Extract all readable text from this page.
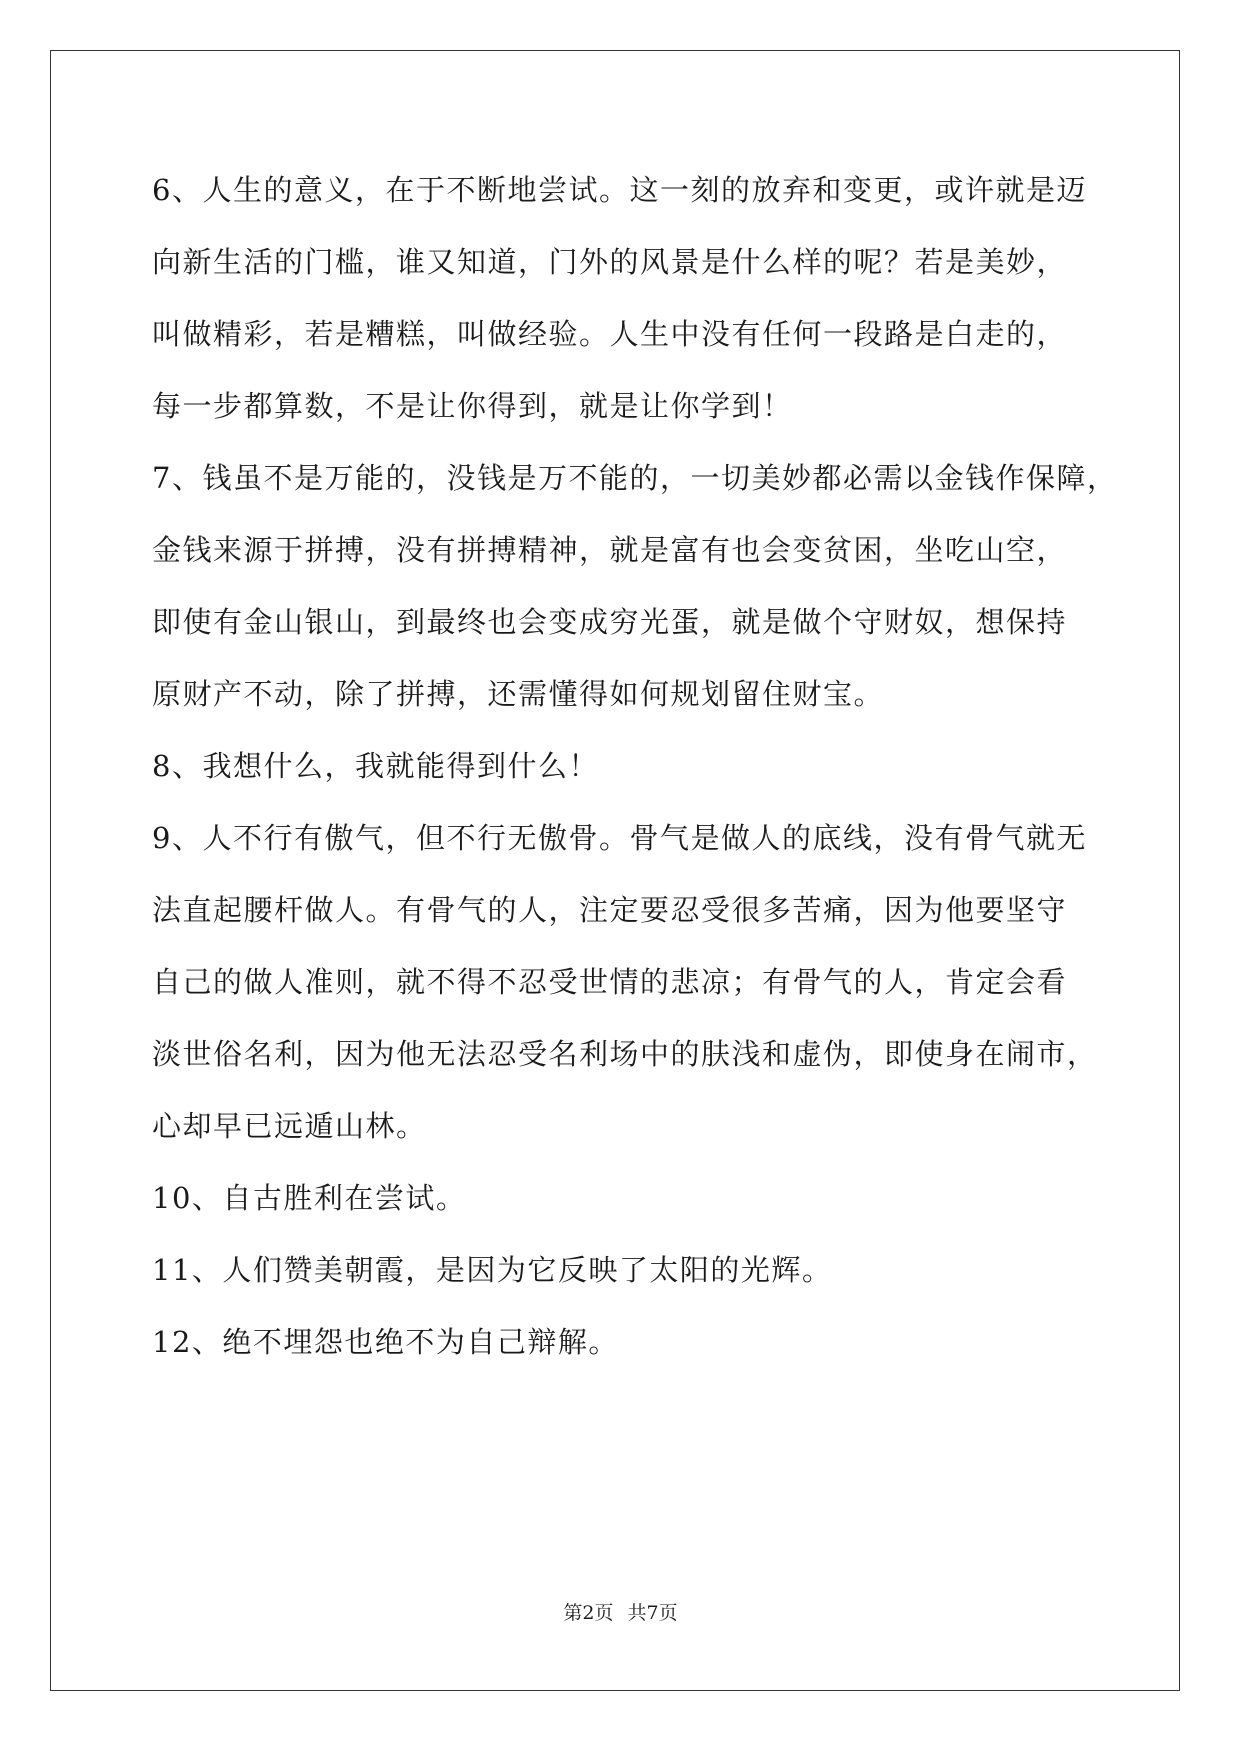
6、人生的意义，在于不断地尝试。这一刻的放弃和变更，或许就是迈
向新生活的门槛，谁又知道，门外的风景是什么样的呢？若是美妙，
叫做精彩，若是糟糕，叫做经验。人生中没有任何一段路是白走的，
每一步都算数，不是让你得到，就是让你学到！
7、钱虽不是万能的，没钱是万不能的，一切美妙都必需以金钱作保障，
金钱来源于拼搏，没有拼搏精神，就是富有也会变贫困，坐吃山空，
即使有金山银山，到最终也会变成穷光蛋，就是做个守财奴，想保持
原财产不动，除了拼搏，还需懂得如何规划留住财宝。
8、我想什么，我就能得到什么！
9、人不行有傲气，但不行无傲骨。骨气是做人的底线，没有骨气就无
法直起腰杆做人。有骨气的人，注定要忍受很多苦痛，因为他要坚守
自己的做人准则，就不得不忍受世情的悲凉；有骨气的人，肯定会看
淡世俗名利，因为他无法忍受名利场中的肤浅和虚伪，即使身在闹市，
心却早已远遁山林。
10、自古胜利在尝试。
11、人们赞美朝霞，是因为它反映了太阳的光辉。
12、绝不埋怨也绝不为自己辩解。
第2页 共7页
